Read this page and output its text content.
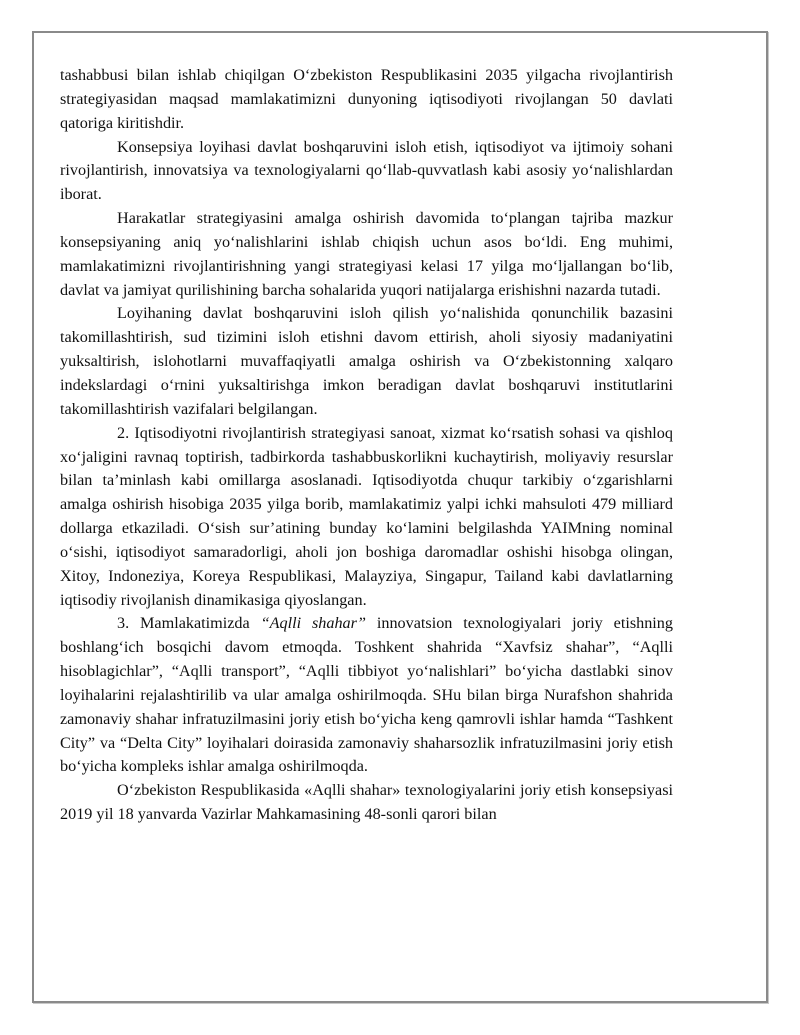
tashabbusi bilan ishlab chiqilgan O‘zbekiston Respublikasini 2035 yilgacha rivojlantirish strategiyasidan maqsad mamlakatimizni dunyoning iqtisodiyoti rivojlangan 50 davlati qatoriga kiritishdir.

Konsepsiya loyihasi davlat boshqaruvini isloh etish, iqtisodiyot va ijtimoiy sohani rivojlantirish, innovatsiya va texnologiyalarni qo‘llab-quvvatlash kabi asosiy yo‘nalishlardan iborat.

Harakatlar strategiyasini amalga oshirish davomida to‘plangan tajriba mazkur konsepsiyaning aniq yo‘nalishlarini ishlab chiqish uchun asos bo‘ldi. Eng muhimi, mamlakatimizni rivojlantirishning yangi strategiyasi kelasi 17 yilga mo‘ljallangan bo‘lib, davlat va jamiyat qurilishining barcha sohalarida yuqori natijalarga erishishni nazarda tutadi.

Loyihaning davlat boshqaruvini isloh qilish yo‘nalishida qonunchilik bazasini takomillashtirish, sud tizimini isloh etishni davom ettirish, aholi siyosiy madaniyatini yuksaltirish, islohotlarni muvaffaqiyatli amalga oshirish va O‘zbekistonning xalqaro indekslardagi o‘rnini yuksaltirishga imkon beradigan davlat boshqaruvi institutlarini takomillashtirish vazifalari belgilangan.

2. Iqtisodiyotni rivojlantirish strategiyasi sanoat, xizmat ko‘rsatish sohasi va qishloq xo‘jaligini ravnaq toptirish, tadbirkorda tashabbuskorlikni kuchaytirish, moliyaviy resurslar bilan ta’minlash kabi omillarga asoslanadi. Iqtisodiyotda chuqur tarkibiy o‘zgarishlarni amalga oshirish hisobiga 2035 yilga borib, mamlakatimiz yalpi ichki mahsuloti 479 milliard dollarga etkaziladi. O‘sish sur’atining bunday ko‘lamini belgilashda YAIMning nominal o‘sishi, iqtisodiyot samaradorligi, aholi jon boshiga daromadlar oshishi hisobga olingan, Xitoy, Indoneziya, Koreya Respublikasi, Malayziya, Singapur, Tailand kabi davlatlarning iqtisodiy rivojlanish dinamikasiga qiyoslangan.

3. Mamlakatimizda “Aqlli shahar” innovatsion texnologiyalari joriy etishning boshlang‘ich bosqichi davom etmoqda. Toshkent shahrida “Xavfsiz shahar”, “Aqlli hisoblagichlar”, “Aqlli transport”, “Aqlli tibbiyot yo‘nalishlari” bo‘yicha dastlabki sinov loyihalarini rejalashtirilib va ular amalga oshirilmoqda. SHu bilan birga Nurafshon shahrida zamonaviy shahar infratuzilmasini joriy etish bo‘yicha keng qamrovli ishlar hamda “Tashkent City” va “Delta City” loyihalari doirasida zamonaviy shaharsozlik infratuzilmasini joriy etish bo‘yicha kompleks ishlar amalga oshirilmoqda.

O‘zbekiston Respublikasida «Aqlli shahar» texnologiyalarini joriy etish konsepsiyasi 2019 yil 18 yanvarda Vazirlar Mahkamasining 48-sonli qarori bilan
